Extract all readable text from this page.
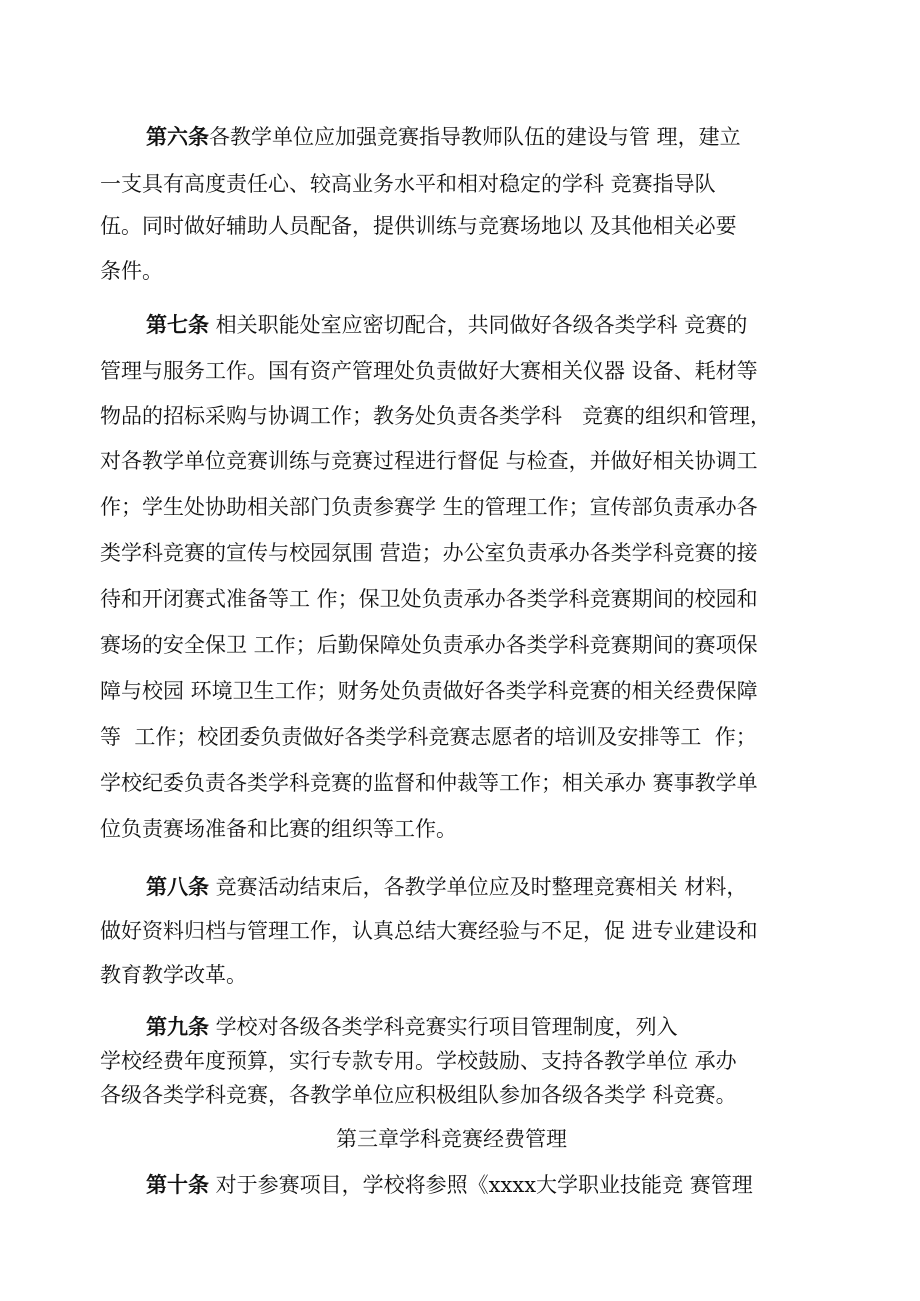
第六条各教学单位应加强竞赛指导教师队伍的建设与管 理，建立
一支具有高度责任心、较高业务水平和相对稳定的学科 竞赛指导队
伍。同时做好辅助人员配备，提供训练与竞赛场地以 及其他相关必要
条件。
第七条 相关职能处室应密切配合，共同做好各级各类学科 竞赛的
管理与服务工作。国有资产管理处负责做好大赛相关仪器 设备、耗材等
物品的招标采购与协调工作；教务处负责各类学科   竞赛的组织和管理，
对各教学单位竞赛训练与竞赛过程进行督促 与检查，并做好相关协调工
作；学生处协助相关部门负责参赛学 生的管理工作；宣传部负责承办各
类学科竞赛的宣传与校园氛围 营造；办公室负责承办各类学科竞赛的接
待和开闭赛式准备等工 作；保卫处负责承办各类学科竞赛期间的校园和
赛场的安全保卫 工作；后勤保障处负责承办各类学科竞赛期间的赛项保
障与校园 环境卫生工作；财务处负责做好各类学科竞赛的相关经费保障
等  工作；校团委负责做好各类学科竞赛志愿者的培训及安排等工  作；
学校纪委负责各类学科竞赛的监督和仲裁等工作；相关承办 赛事教学单
位负责赛场准备和比赛的组织等工作。
第八条 竞赛活动结束后，各教学单位应及时整理竞赛相关 材料，
做好资料归档与管理工作，认真总结大赛经验与不足，促 进专业建设和
教育教学改革。
第九条 学校对各级各类学科竞赛实行项目管理制度，列入
学校经费年度预算，实行专款专用。学校鼓励、支持各教学单位 承办
各级各类学科竞赛，各教学单位应积极组队参加各级各类学 科竞赛。
第三章学科竞赛经费管理
第十条 对于参赛项目，学校将参照《xxxx大学职业技能竞 赛管理
